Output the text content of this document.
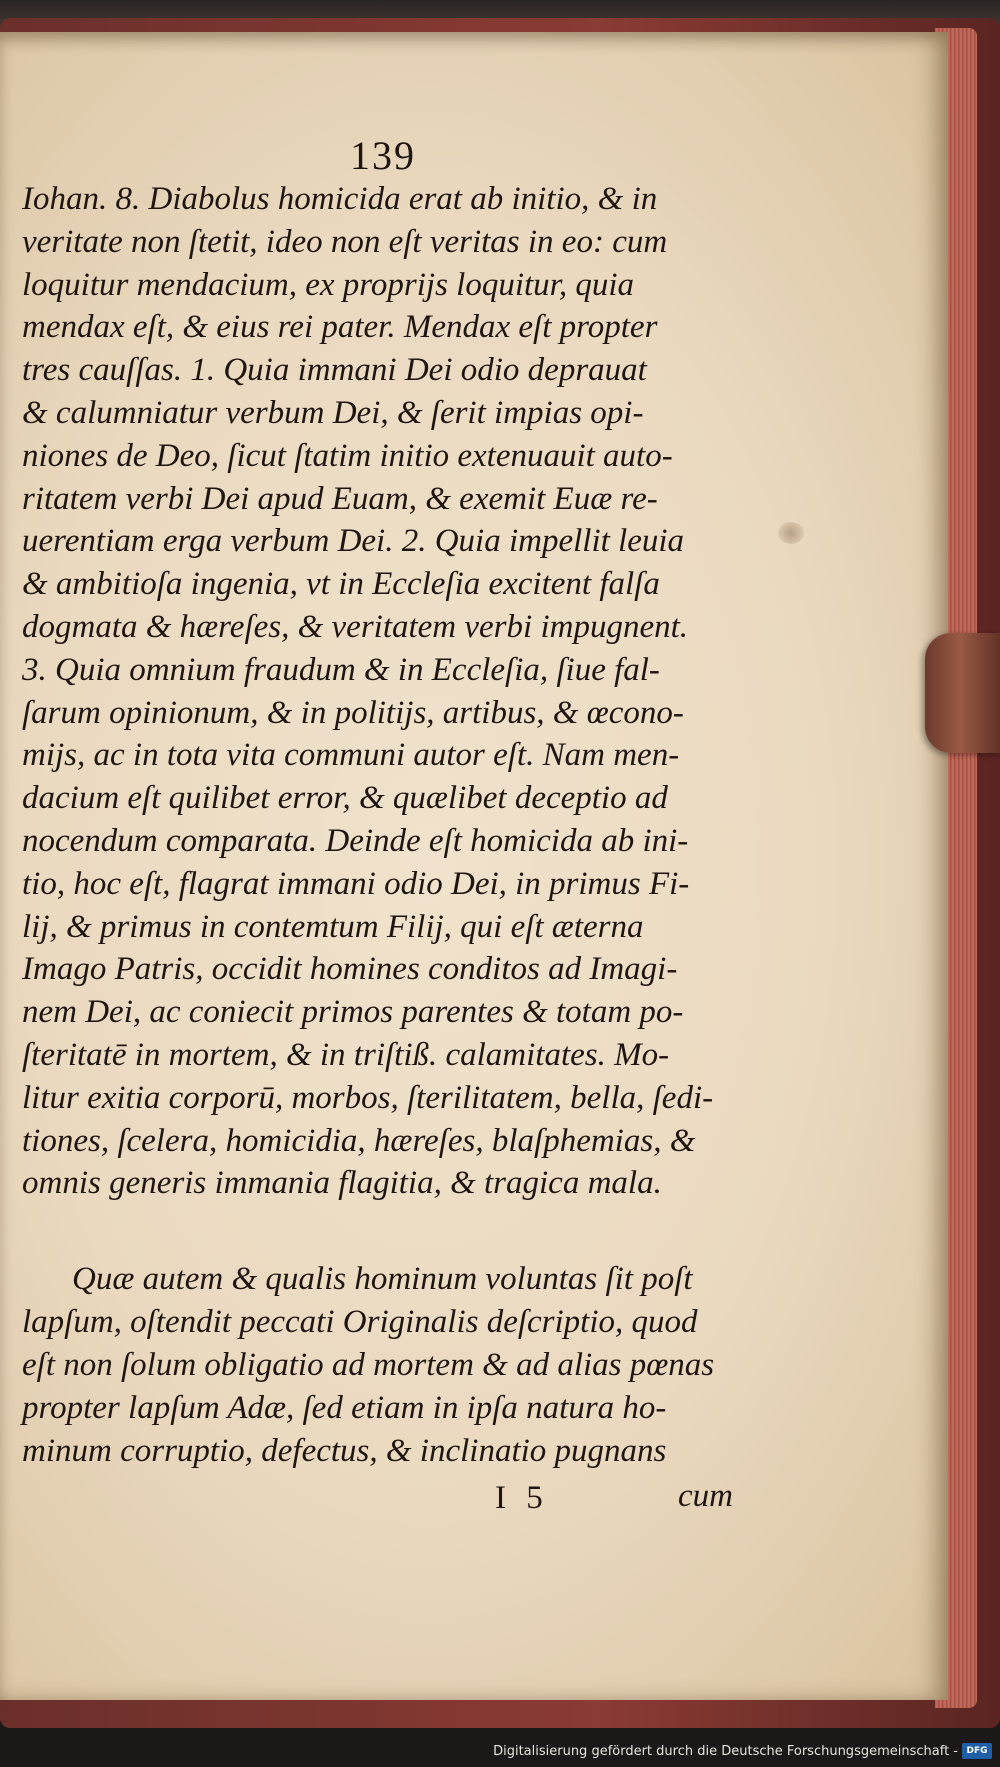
139
Iohan. 8. Diabolus homicida erat ab initio, & in
veritate non ſtetit, ideo non eſt veritas in eo: cum
loquitur mendacium, ex proprijs loquitur, quia
mendax eſt, & eius rei pater. Mendax eſt propter
tres cauſſas. 1. Quia immani Dei odio deprauat
& calumniatur verbum Dei, & ſerit impias opi-
niones de Deo, ſicut ſtatim initio extenuauit auto-
ritatem verbi Dei apud Euam, & exemit Euæ re-
uerentiam erga verbum Dei. 2. Quia impellit leuia
& ambitioſa ingenia, vt in Eccleſia excitent falſa
dogmata & hæreſes, & veritatem verbi impugnent.
3. Quia omnium fraudum & in Eccleſia, ſiue fal-
ſarum opinionum, & in politijs, artibus, & œcono-
mijs, ac in tota vita communi autor eſt. Nam men-
dacium eſt quilibet error, & quælibet deceptio ad
nocendum comparata. Deinde eſt homicida ab ini-
tio, hoc eſt, flagrat immani odio Dei, in primus Fi-
lij, & primus in contemtum Filij, qui eſt æterna
Imago Patris, occidit homines conditos ad Imagi-
nem Dei, ac coniecit primos parentes & totam po-
ſteritatē in mortem, & in triſtiß. calamitates. Mo-
litur exitia corporū, morbos, ſterilitatem, bella, ſedi-
tiones, ſcelera, homicidia, hæreſes, blaſphemias, &
omnis generis immania flagitia, & tragica mala.
Quæ autem & qualis hominum voluntas ſit poſt
lapſum, oſtendit peccati Originalis deſcriptio, quod
eſt non ſolum obligatio ad mortem & ad alias pœnas
propter lapſum Adæ, ſed etiam in ipſa natura ho-
minum corruptio, defectus, & inclinatio pugnans
I 5	cum
Digitalisierung gefördert durch die Deutsche Forschungsgemeinschaft - DFG
